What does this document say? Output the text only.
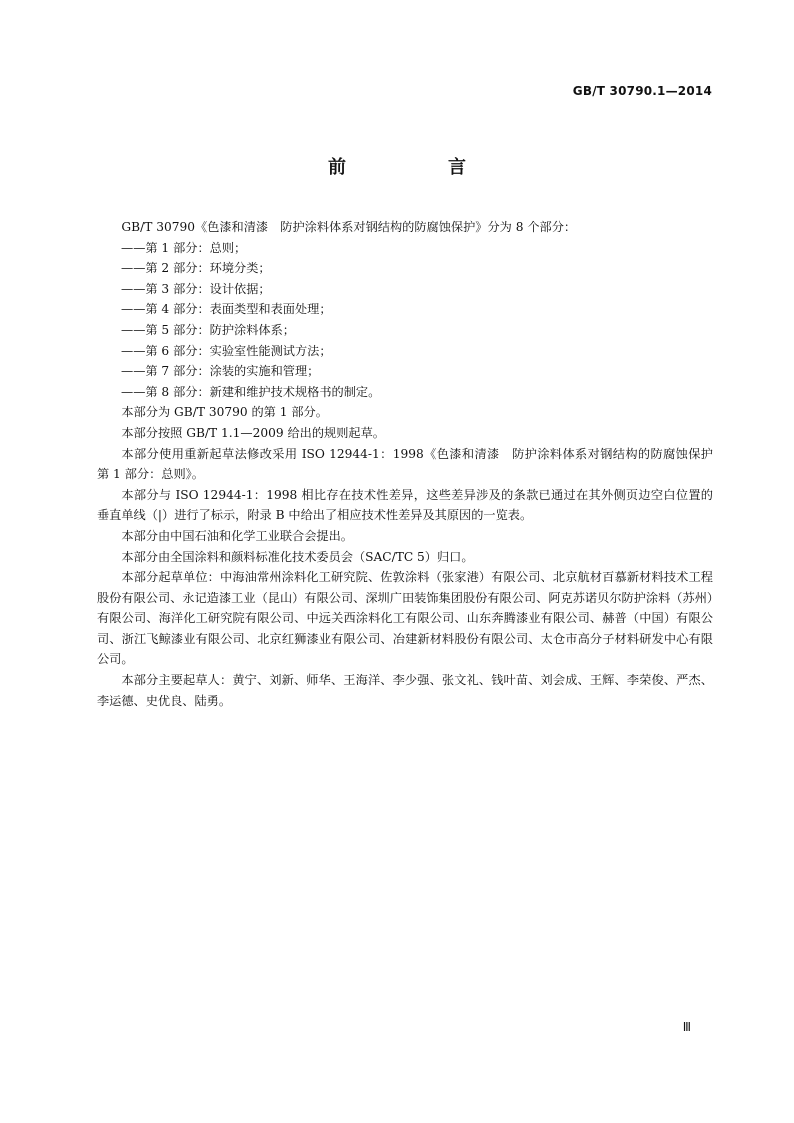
GB/T 30790.1—2014
前　言

GB/T 30790《色漆和清漆　防护涂料体系对钢结构的防腐蚀保护》分为 8 个部分：

——第 1 部分：总则；
——第 2 部分：环境分类；
——第 3 部分：设计依据；
——第 4 部分：表面类型和表面处理；
——第 5 部分：防护涂料体系；
——第 6 部分：实验室性能测试方法；
——第 7 部分：涂装的实施和管理；
——第 8 部分：新建和维护技术规格书的制定。

本部分为 GB/T 30790 的第 1 部分。

本部分按照 GB/T 1.1—2009 给出的规则起草。

本部分使用重新起草法修改采用 ISO 12944-1：1998《色漆和清漆　防护涂料体系对钢结构的防腐蚀保护　第 1 部分：总则》。

本部分与 ISO 12944-1：1998 相比存在技术性差异，这些差异涉及的条款已通过在其外侧页边空白位置的垂直单线（|）进行了标示，附录 B 中给出了相应技术性差异及其原因的一览表。

本部分由中国石油和化学工业联合会提出。

本部分由全国涂料和颜料标准化技术委员会（SAC/TC 5）归口。

本部分起草单位：中海油常州涂料化工研究院、佐敦涂料（张家港）有限公司、北京航材百慕新材料技术工程股份有限公司、永记造漆工业（昆山）有限公司、深圳广田装饰集团股份有限公司、阿克苏诺贝尔防护涂料（苏州）有限公司、海洋化工研究院有限公司、中远关西涂料化工有限公司、山东奔腾漆业有限公司、赫普（中国）有限公司、浙江飞鲸漆业有限公司、北京红狮漆业有限公司、冶建新材料股份有限公司、太仓市高分子材料研发中心有限公司。

本部分主要起草人：黄宁、刘新、师华、王海洋、李少强、张文礼、钱叶苗、刘会成、王辉、李荣俊、严杰、李运德、史优良、陆勇。

Ⅲ
